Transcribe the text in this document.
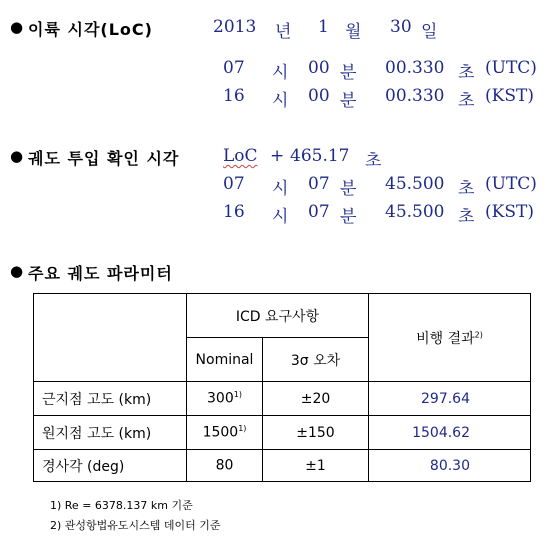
● 이륙 시각(LoC)	2013 년 1 월 30 일
07 시 00 분 00.330 초 (UTC)
16 시 00 분 00.330 초 (KST)
● 궤도 투입 확인 시각	LoC + 465.17 초
07 시 07 분 45.500 초 (UTC)
16 시 07 분 45.500 초 (KST)
● 주요 궤도 파라미터
	ICD 요구사항		비행 결과$^{2)}$
	Nominal	3σ 오차	
근지점 고도 (km)	$300^{1)}$	±20	297.64
원지점 고도 (km)	$1500^{1)}$	±150	1504.62
경사각 (deg)	80	±1	80.30
1) Re = 6378.137 km 기준
2) 관성항법유도시스템 데이터 기준
